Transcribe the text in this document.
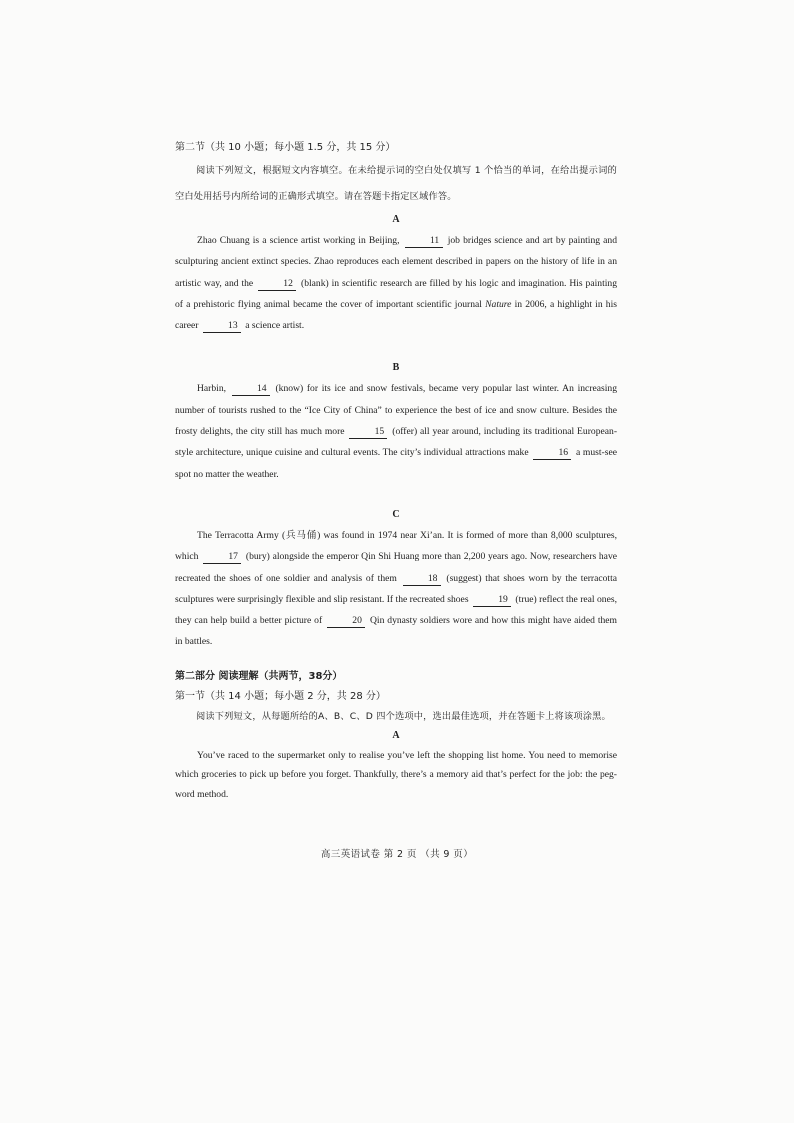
第二节（共 10 小题；每小题 1.5 分，共 15 分）

阅读下列短文，根据短文内容填空。在未给提示词的空白处仅填写 1 个恰当的单词，在给出提示词的空白处用括号内所给词的正确形式填空。请在答题卡指定区域作答。

A

Zhao Chuang is a science artist working in Beijing,	11 job bridges science and art by painting and sculpturing ancient extinct species. Zhao reproduces each element described in papers on the history of life in an artistic way, and the	12 (blank) in scientific research are filled by his logic and imagination. His painting of a prehistoric flying animal became the cover of important scientific journal Nature in 2006, a highlight in his career	13 a science artist.

B

Harbin,	14 (know) for its ice and snow festivals, became very popular last winter. An increasing number of tourists rushed to the “Ice City of China” to experience the best of ice and snow culture. Besides the frosty delights, the city still has much more	15 (offer) all year around, including its traditional European-style architecture, unique cuisine and cultural events. The city’s individual attractions make	16 a must-see spot no matter the weather.

C

The Terracotta Army (兵马俑) was found in 1974 near Xi’an. It is formed of more than 8,000 sculptures, which	17 (bury) alongside the emperor Qin Shi Huang more than 2,200 years ago. Now, researchers have recreated the shoes of one soldier and analysis of them	18 (suggest) that shoes worn by the terracotta sculptures were surprisingly flexible and slip resistant. If the recreated shoes	19 (true) reflect the real ones, they can help build a better picture of	20 Qin dynasty soldiers wore and how this might have aided them in battles.

第二部分 阅读理解（共两节，38分）

第一节（共 14 小题；每小题 2 分，共 28 分）

阅读下列短文，从每题所给的A、B、C、D 四个选项中，选出最佳选项，并在答题卡上将该项涂黑。

A

You’ve raced to the supermarket only to realise you’ve left the shopping list home. You need to memorise which groceries to pick up before you forget. Thankfully, there’s a memory aid that’s perfect for the job: the peg-word method.

高三英语试卷 第 2 页 （共 9 页）
